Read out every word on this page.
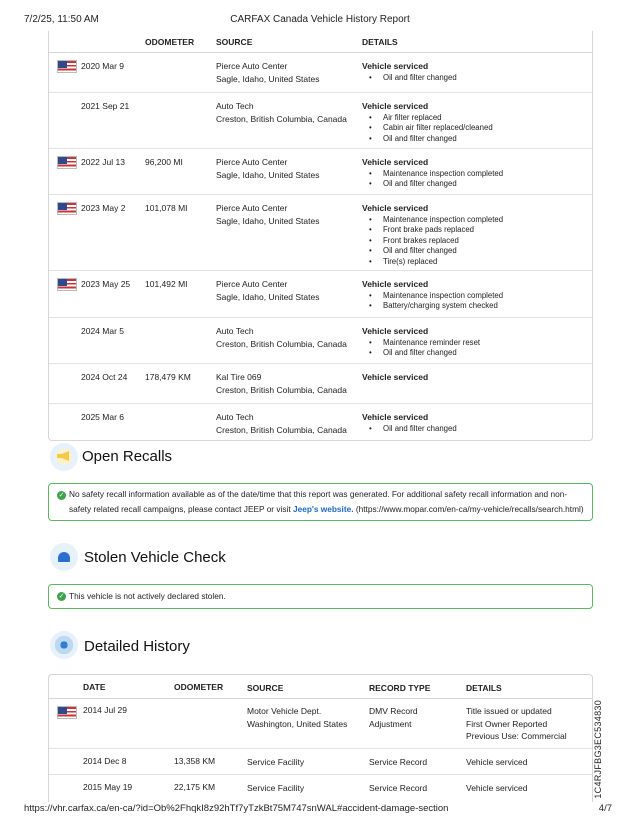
7/2/25, 11:50 AM	CARFAX Canada Vehicle History Report
ODOMETER	SOURCE	DETAILS
2020 Mar 9	Pierce Auto Center
Sagle, Idaho, United States
Vehicle serviced
• Oil and filter changed
2021 Sep 21	Auto Tech
Creston, British Columbia, Canada
Vehicle serviced
• Air filter replaced
• Cabin air filter replaced/cleaned
• Oil and filter changed
2022 Jul 13 96,200 MI	Pierce Auto Center
Sagle, Idaho, United States
Vehicle serviced
• Maintenance inspection completed
• Oil and filter changed
2023 May 2 101,078 MI	Pierce Auto Center
Sagle, Idaho, United States
Vehicle serviced
• Maintenance inspection completed
• Front brake pads replaced
• Front brakes replaced
• Oil and filter changed
• Tire(s) replaced
2023 May 25 101,492 MI	Pierce Auto Center
Sagle, Idaho, United States
Vehicle serviced
• Maintenance inspection completed
• Battery/charging system checked
2024 Mar 5	Auto Tech
Creston, British Columbia, Canada
Vehicle serviced
• Maintenance reminder reset
• Oil and filter changed
2024 Oct 24 178,479 KM	Kal Tire 069
Creston, British Columbia, Canada
Vehicle serviced
2025 Mar 6	Auto Tech
Creston, British Columbia, Canada
Vehicle serviced
• Oil and filter changed
Open Recalls
✓ No safety recall information available as of the date/time that this report was generated. For additional safety recall information and non-safety related recall campaigns, please contact JEEP or visit Jeep's website. (https://www.mopar.com/en-ca/my-vehicle/recalls/search.html)
Stolen Vehicle Check
✓ This vehicle is not actively declared stolen.
Detailed History
DATE	ODOMETER	SOURCE	RECORD TYPE	DETAILS
2014 Jul 29	Motor Vehicle Dept.
Washington, United States
DMV Record
Adjustment
Title issued or updated
First Owner Reported
Previous Use: Commercial
2014 Dec 8	13,358 KM	Service Facility	Service Record	Vehicle serviced
2015 May 19	22,175 KM	Service Facility	Service Record	Vehicle serviced	1C4RJFBG3EC534830
https://vhr.carfax.ca/en-ca/?id=Ob%2FhqkI8z92hTf7yTzkBt75M747snWAL#accident-damage-section	4/7
